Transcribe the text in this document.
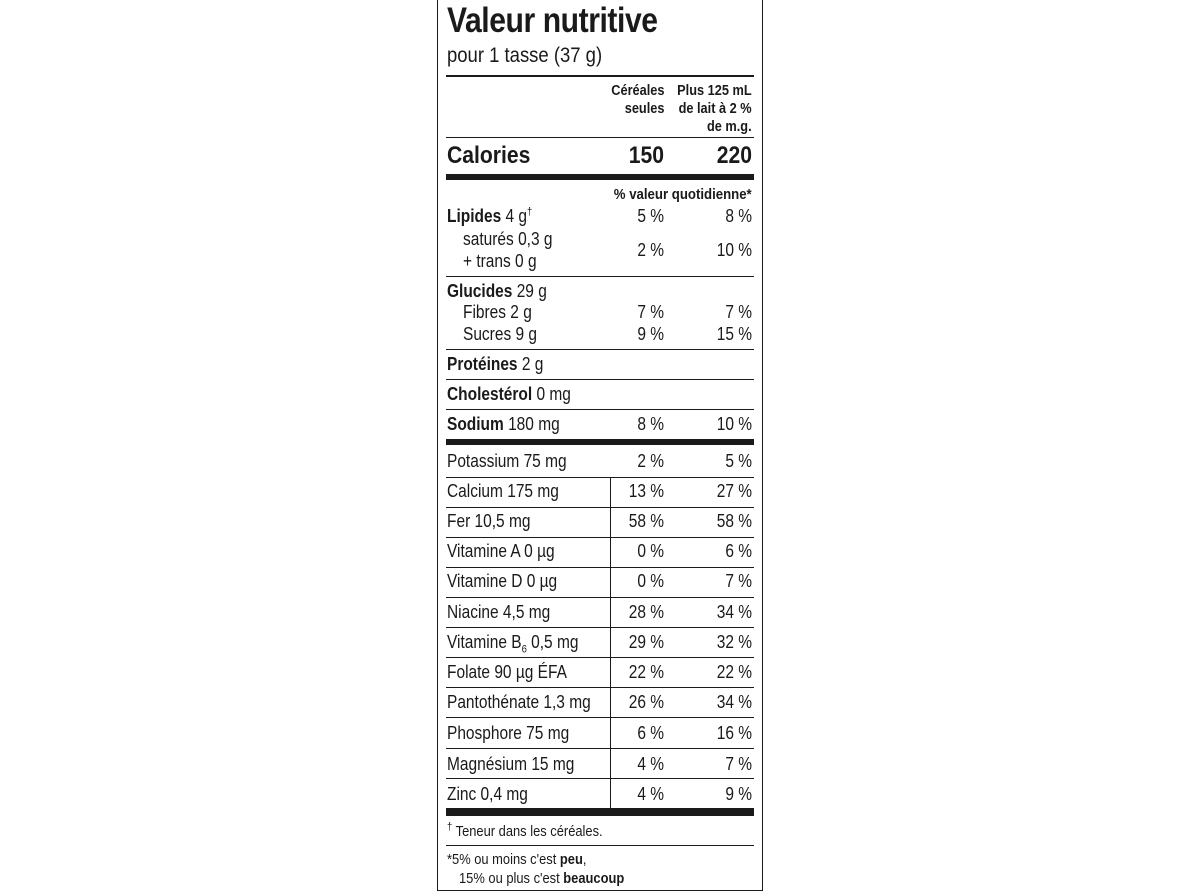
Valeur nutritive
pour 1 tasse (37 g)
Céréales
seules
Plus 125 mL
de lait à 2 %
de m.g.
Calories	150	220
% valeur quotidienne*
Lipides 4 g†	5 %	8 %
saturés 0,3 g
+ trans 0 g
2 %	10 %
Glucides 29 g
Fibres 2 g	7 %	7 %
Sucres 9 g	9 %	15 %
Protéines 2 g
Cholestérol 0 mg
Sodium 180 mg	8 %	10 %
Potassium 75 mg	2 %	5 %
Calcium 175 mg	13 %	27 %
Fer 10,5 mg	58 %	58 %
Vitamine A 0 µg	0 %	6 %
Vitamine D 0 µg	0 %	7 %
Niacine 4,5 mg	28 %	34 %
Vitamine $B_6$ 0,5 mg	29 %	32 %
Folate 90 µg ÉFA	22 %	22 %
Pantothénate 1,3 mg	26 %	34 %
Phosphore 75 mg	6 %	16 %
Magnésium 15 mg	4 %	7 %
Zinc 0,4 mg	4 %	9 %
† Teneur dans les céréales.
*5% ou moins c'est peu,
15% ou plus c'est beaucoup
